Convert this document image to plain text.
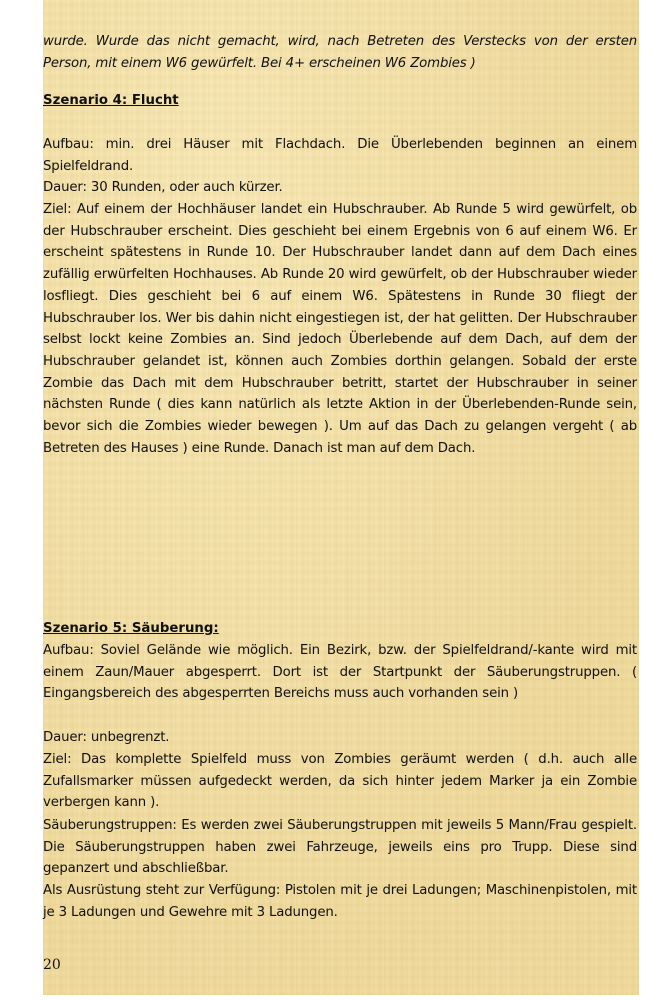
wurde. Wurde das nicht gemacht, wird, nach Betreten des Verstecks von der ersten Person, mit einem W6 gewürfelt. Bei 4+ erscheinen W6 Zombies )
Szenario 4: Flucht
Aufbau: min. drei Häuser mit Flachdach. Die Überlebenden beginnen an einem Spielfeldrand.
Dauer: 30 Runden, oder auch kürzer.
Ziel: Auf einem der Hochhäuser landet ein Hubschrauber. Ab Runde 5 wird gewürfelt, ob der Hubschrauber erscheint. Dies geschieht bei einem Ergebnis von 6 auf einem W6. Er erscheint spätestens in Runde 10. Der Hubschrauber landet dann auf dem Dach eines zufällig erwürfelten Hochhauses. Ab Runde 20 wird gewürfelt, ob der Hubschrauber wieder losfliegt. Dies geschieht bei 6 auf einem W6. Spätestens in Runde 30 fliegt der Hubschrauber los. Wer bis dahin nicht eingestiegen ist, der hat gelitten. Der Hubschrauber selbst lockt keine Zombies an. Sind jedoch Überlebende auf dem Dach, auf dem der Hubschrauber gelandet ist, können auch Zombies dorthin gelangen. Sobald der erste Zombie das Dach mit dem Hubschrauber betritt, startet der Hubschrauber in seiner nächsten Runde ( dies kann natürlich als letzte Aktion in der Überlebenden-Runde sein, bevor sich die Zombies wieder bewegen ). Um auf das Dach zu gelangen vergeht ( ab Betreten des Hauses ) eine Runde. Danach ist man auf dem Dach.
Szenario 5: Säuberung:
Aufbau: Soviel Gelände wie möglich. Ein Bezirk, bzw. der Spielfeldrand/-kante wird mit einem Zaun/Mauer abgesperrt. Dort ist der Startpunkt der Säuberungstruppen. ( Eingangsbereich des abgesperrten Bereichs muss auch vorhanden sein )
Dauer: unbegrenzt.
Ziel: Das komplette Spielfeld muss von Zombies geräumt werden ( d.h. auch alle Zufallsmarker müssen aufgedeckt werden, da sich hinter jedem Marker ja ein Zombie verbergen kann ).
Säuberungstruppen: Es werden zwei Säuberungstruppen mit jeweils 5 Mann/Frau gespielt. Die Säuberungstruppen haben zwei Fahrzeuge, jeweils eins pro Trupp. Diese sind gepanzert und abschließbar.
Als Ausrüstung steht zur Verfügung: Pistolen mit je drei Ladungen; Maschinenpistolen, mit je 3 Ladungen und Gewehre mit 3 Ladungen.
20
